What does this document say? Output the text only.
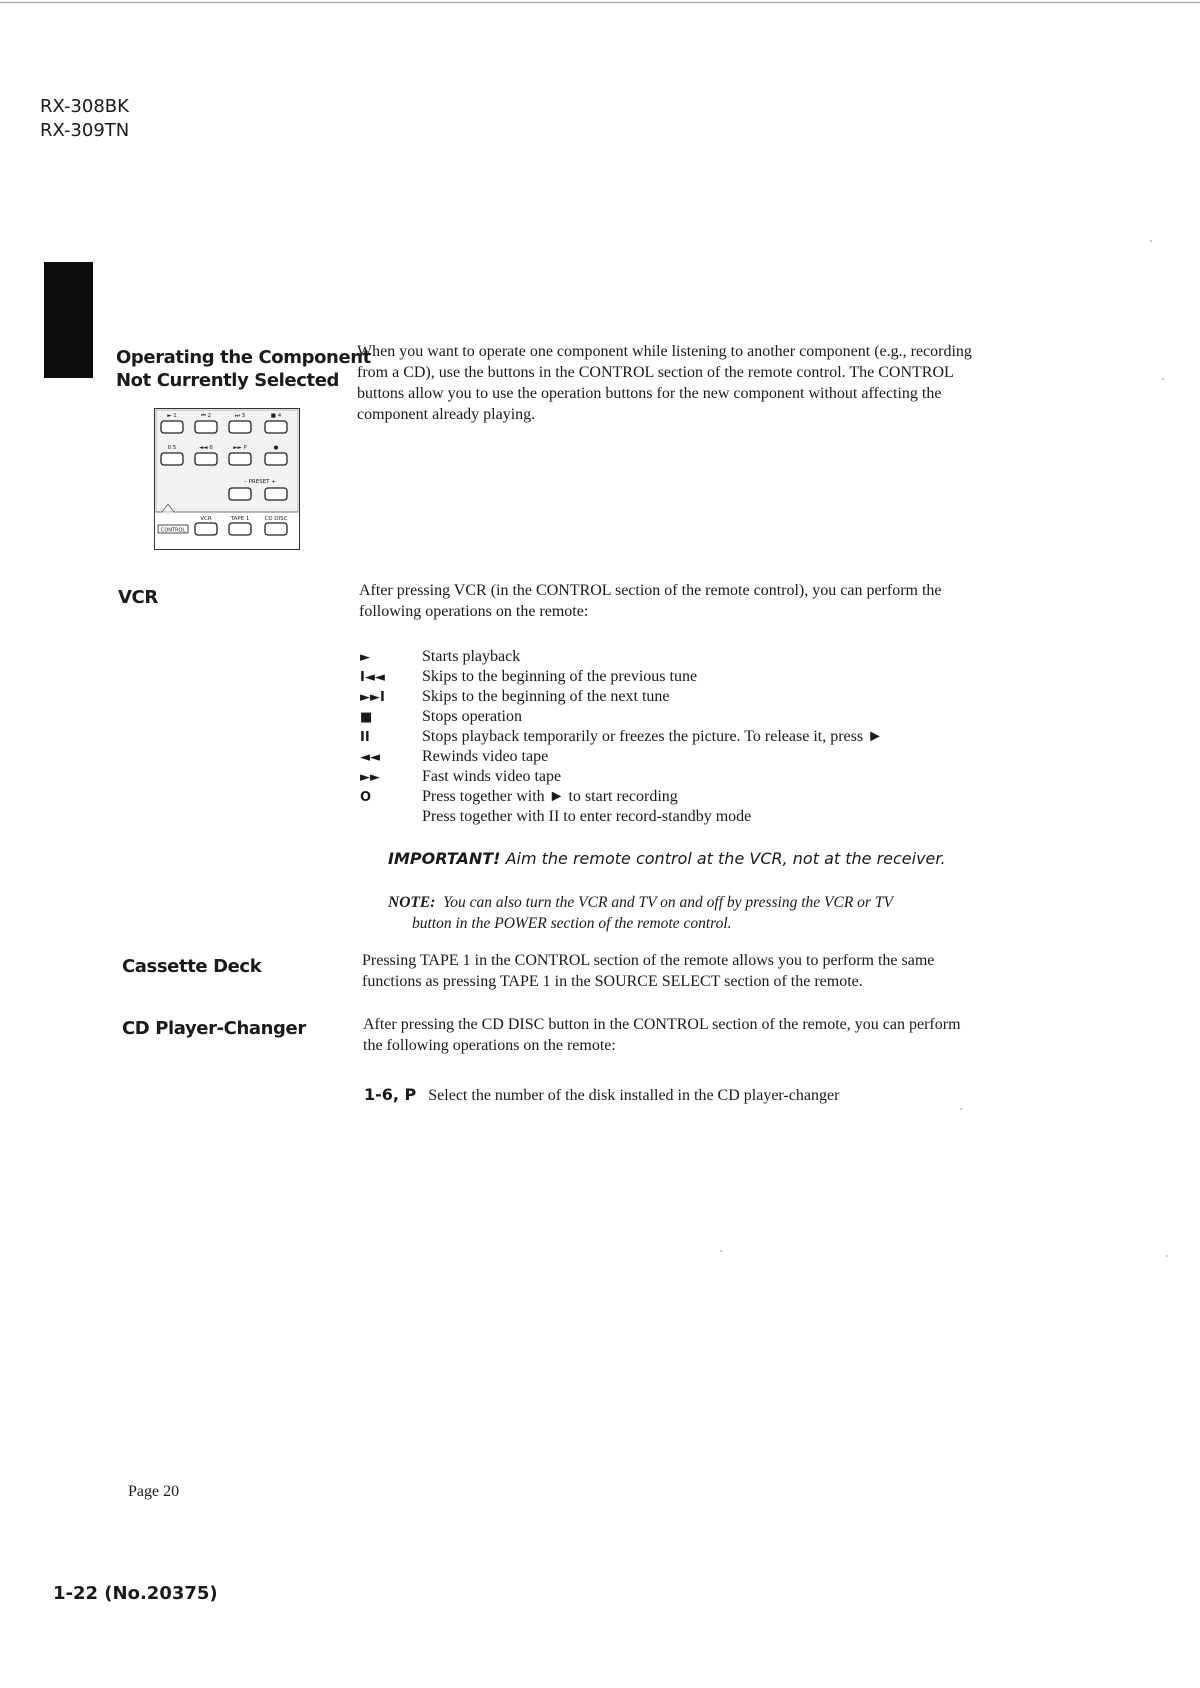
RX-308BK
RX-309TN
Operating the Component
Not Currently Selected
When you want to operate one component while listening to another component (e.g., recording
from a CD), use the buttons in the CONTROL section of the remote control. The CONTROL
buttons allow you to use the operation buttons for the new component without affecting the
component already playing.
► 1	⏮ 2	⏭ 3	■ 4
II 5	◄◄ 6	►► P	●
– PRESET +
VCR	TAPE 1	CD DISC
CONTROL
VCR	After pressing VCR (in the CONTROL section of the remote control), you can perform the
following operations on the remote:
►	Starts playback
I◄◄	Skips to the beginning of the previous tune
►►I	Skips to the beginning of the next tune
■	Stops operation
II	Stops playback temporarily or freezes the picture. To release it, press ►
◄◄	Rewinds video tape
►►	Fast winds video tape
O	Press together with ► to start recording
Press together with II to enter record-standby mode
IMPORTANT! Aim the remote control at the VCR, not at the receiver.
NOTE: You can also turn the VCR and TV on and off by pressing the VCR or TV
button in the POWER section of the remote control.
Cassette Deck	Pressing TAPE 1 in the CONTROL section of the remote allows you to perform the same
functions as pressing TAPE 1 in the SOURCE SELECT section of the remote.
CD Player-Changer	After pressing the CD DISC button in the CONTROL section of the remote, you can perform
the following operations on the remote:
1-6, P Select the number of the disk installed in the CD player-changer
Page 20
1-22 (No.20375)
